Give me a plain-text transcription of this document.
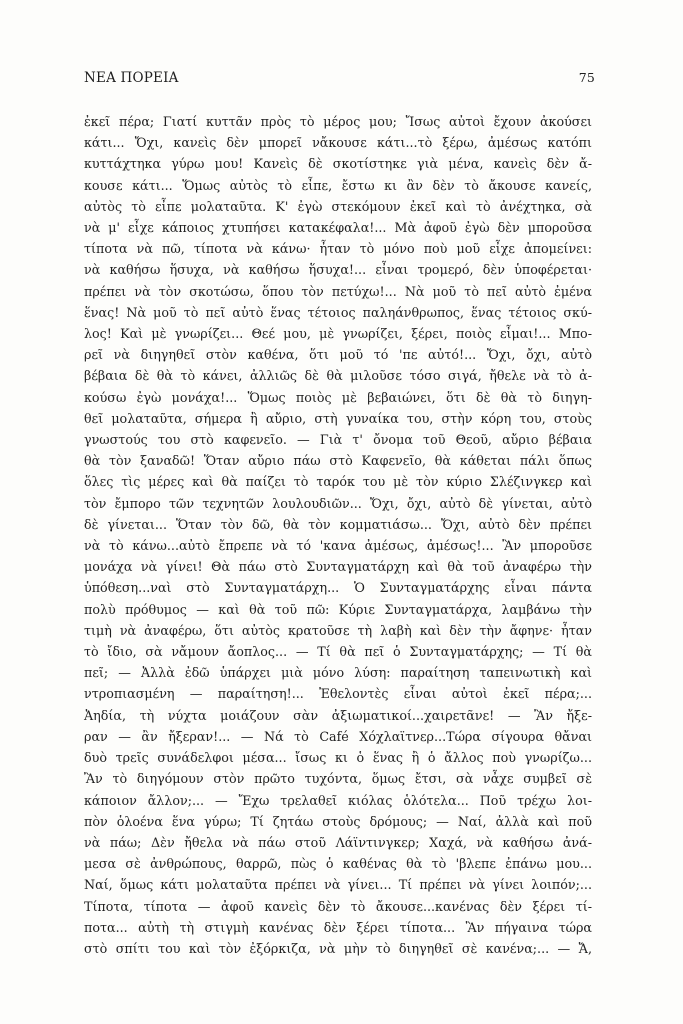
ΝΕΑ ΠΟΡΕΙΑ	75
ἐκεῖ πέρα; Γιατί κυττᾶν πρὸς τὸ μέρος μου; Ἴσως αὐτοὶ ἔχουν ἀκούσει
κάτι... Ὄχι, κανεὶς δὲν μπορεῖ νἄκουσε κάτι...τὸ ξέρω, ἀμέσως κατόπι
κυττάχτηκα γύρω μου! Κανεὶς δὲ σκοτίστηκε γιὰ μένα, κανεὶς δὲν ἄ-
κουσε κάτι... Ὅμως αὐτὸς τὸ εἶπε, ἔστω κι ἂν δὲν τὸ ἄκουσε κανείς,
αὐτὸς τὸ εἶπε μολαταῦτα. Κ' ἐγὼ στεκόμουν ἐκεῖ καὶ τὸ ἀνέχτηκα, σὰ
νὰ μ' εἶχε κάποιος χτυπήσει κατακέφαλα!... Μὰ ἀφοῦ ἐγὼ δὲν μποροῦσα
τίποτα νὰ πῶ, τίποτα νὰ κάνω· ἦταν τὸ μόνο ποὺ μοῦ εἶχε ἀπομείνει:
νὰ καθήσω ἥσυχα, νὰ καθήσω ἥσυχα!... εἶναι τρομερό, δὲν ὑποφέρεται·
πρέπει νὰ τὸν σκοτώσω, ὅπου τὸν πετύχω!... Νὰ μοῦ τὸ πεῖ αὐτὸ ἐμένα
ἕνας! Νὰ μοῦ τὸ πεῖ αὐτὸ ἕνας τέτοιος παληάνθρωπος, ἕνας τέτοιος σκύ-
λος! Καὶ μὲ γνωρίζει... Θεέ μου, μὲ γνωρίζει, ξέρει, ποιὸς εἶμαι!... Μπο-
ρεῖ νὰ διηγηθεῖ στὸν καθένα, ὅτι μοῦ τό 'πε αὐτό!... Ὄχι, ὄχι, αὐτὸ
βέβαια δὲ θὰ τὸ κάνει, ἀλλιῶς δὲ θὰ μιλοῦσε τόσο σιγά, ἤθελε νὰ τὸ ἀ-
κούσω ἐγὼ μονάχα!... Ὅμως ποιὸς μὲ βεβαιώνει, ὅτι δὲ θὰ τὸ διηγη-
θεῖ μολαταῦτα, σήμερα ἢ αὔριο, στὴ γυναίκα του, στὴν κόρη του, στοὺς
γνωστούς του στὸ καφενεῖο. — Γιὰ τ' ὄνομα τοῦ Θεοῦ, αὔριο βέβαια
θὰ τὸν ξαναδῶ! Ὅταν αὔριο πάω στὸ Καφενεῖο, θὰ κάθεται πάλι ὅπως
ὅλες τὶς μέρες καὶ θὰ παίζει τὸ ταρόκ του μὲ τὸν κύριο Σλέζινγκερ καὶ
τὸν ἔμπορο τῶν τεχνητῶν λουλουδιῶν... Ὄχι, ὄχι, αὐτὸ δὲ γίνεται, αὐτὸ
δὲ γίνεται... Ὅταν τὸν δῶ, θὰ τὸν κομματιάσω... Ὄχι, αὐτὸ δὲν πρέπει
νὰ τὸ κάνω...αὐτὸ ἔπρεπε νὰ τό 'κανα ἀμέσως, ἀμέσως!... Ἂν μποροῦσε
μονάχα νὰ γίνει! Θὰ πάω στὸ Συνταγματάρχη καὶ θὰ τοῦ ἀναφέρω τὴν
ὑπόθεση...ναὶ στὸ Συνταγματάρχη... Ὁ Συνταγματάρχης εἶναι πάντα
πολὺ πρόθυμος — καὶ θὰ τοῦ πῶ: Κύριε Συνταγματάρχα, λαμβάνω τὴν
τιμὴ νὰ ἀναφέρω, ὅτι αὐτὸς κρατοῦσε τὴ λαβὴ καὶ δὲν τὴν ἄφηνε· ἦταν
τὸ ἴδιο, σὰ νἄμουν ἄοπλος... — Τί θὰ πεῖ ὁ Συνταγματάρχης; — Τί θὰ
πεῖ; — Ἀλλὰ ἐδῶ ὑπάρχει μιὰ μόνο λύση: παραίτηση ταπεινωτικὴ καὶ
ντροπιασμένη — παραίτηση!... Ἐθελοντὲς εἶναι αὐτοὶ ἐκεῖ πέρα;...
Ἀηδία, τὴ νύχτα μοιάζουν σὰν ἀξιωματικοί...χαιρετᾶνε! — Ἂν ἤξε-
ραν — ἂν ἤξεραν!... — Νά τὸ Café Χόχλαϊτνερ...Τώρα σίγουρα θἄναι
δυὸ τρεῖς συνάδελφοι μέσα... ἴσως κι ὁ ἕνας ἢ ὁ ἄλλος ποὺ γνωρίζω...
Ἂν τὸ διηγόμουν στὸν πρῶτο τυχόντα, ὅμως ἔτσι, σὰ νἆχε συμβεῖ σὲ
κάποιον ἄλλον;... — Ἔχω τρελαθεῖ κιόλας ὁλότελα... Ποῦ τρέχω λοι-
πὸν ὁλοένα ἕνα γύρω; Τί ζητάω στοὺς δρόμους; — Ναί, ἀλλὰ καὶ ποῦ
νὰ πάω; Δὲν ἤθελα νὰ πάω στοῦ Λάϊντινγκερ; Χαχά, νὰ καθήσω ἀνά-
μεσα σὲ ἀνθρώπους, θαρρῶ, πὼς ὁ καθένας θὰ τὸ 'βλεπε ἐπάνω μου...
Ναί, ὅμως κάτι μολαταῦτα πρέπει νὰ γίνει... Τί πρέπει νὰ γίνει λοιπόν;...
Τίποτα, τίποτα — ἀφοῦ κανεὶς δὲν τὸ ἄκουσε...κανένας δὲν ξέρει τί-
ποτα... αὐτὴ τὴ στιγμὴ κανένας δὲν ξέρει τίποτα... Ἂν πήγαινα τώρα
στὸ σπίτι του καὶ τὸν ἐξόρκιζα, νὰ μὴν τὸ διηγηθεῖ σὲ κανένα;... — Ἄ,
